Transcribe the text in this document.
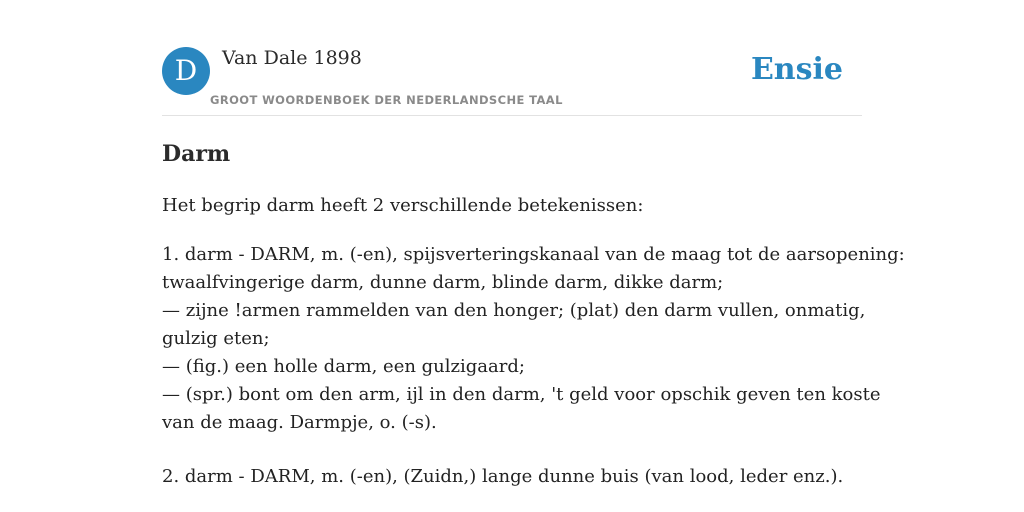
D	Van Dale 1898
GROOT WOORDENBOEK DER NEDERLANDSCHE TAAL
Ensie
Darm
Het begrip darm heeft 2 verschillende betekenissen:
1. darm - DARM, m. (-en), spijsverteringskanaal van de maag tot de aarsopening:
twaalfvingerige darm, dunne darm, blinde darm, dikke darm;
— zijne !armen rammelden van den honger; (plat) den darm vullen, onmatig,
gulzig eten;
— (fig.) een holle darm, een gulzigaard;
— (spr.) bont om den arm, ijl in den darm, 't geld voor opschik geven ten koste
van de maag. Darmpje, o. (-s).
2. darm - DARM, m. (-en), (Zuidn,) lange dunne buis (van lood, leder enz.).
